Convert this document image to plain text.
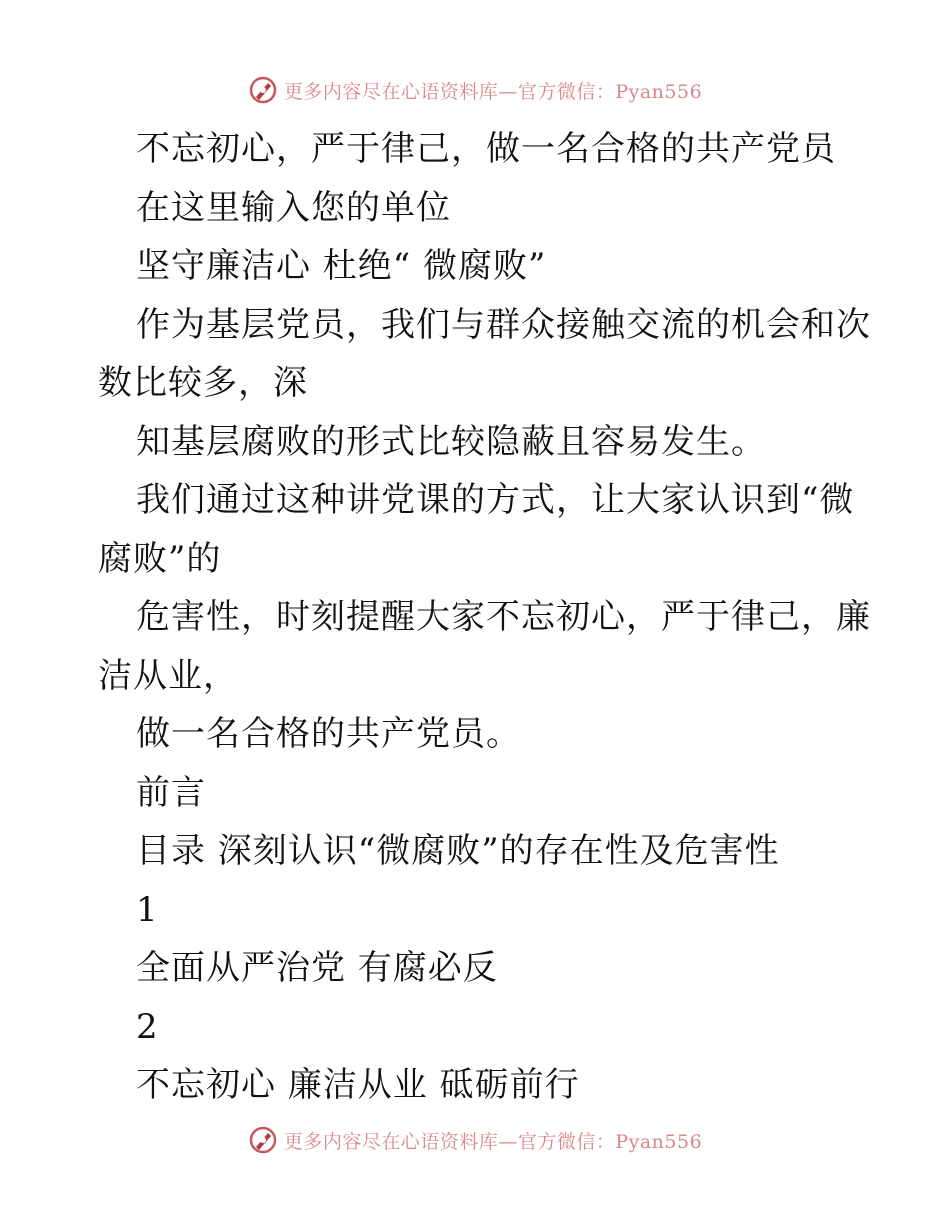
更多内容尽在心语资料库—官方微信：Pyan556
不忘初心，严于律己，做一名合格的共产党员
在这里输入您的单位
坚守廉洁心 杜绝“ 微腐败”
作为基层党员，我们与群众接触交流的机会和次
数比较多，深
知基层腐败的形式比较隐蔽且容易发生。
我们通过这种讲党课的方式，让大家认识到“微
腐败”的
危害性，时刻提醒大家不忘初心，严于律己，廉
洁从业，
做一名合格的共产党员。
前言
目录 深刻认识“微腐败”的存在性及危害性
1
全面从严治党 有腐必反
2
不忘初心 廉洁从业 砥砺前行
更多内容尽在心语资料库—官方微信：Pyan556
